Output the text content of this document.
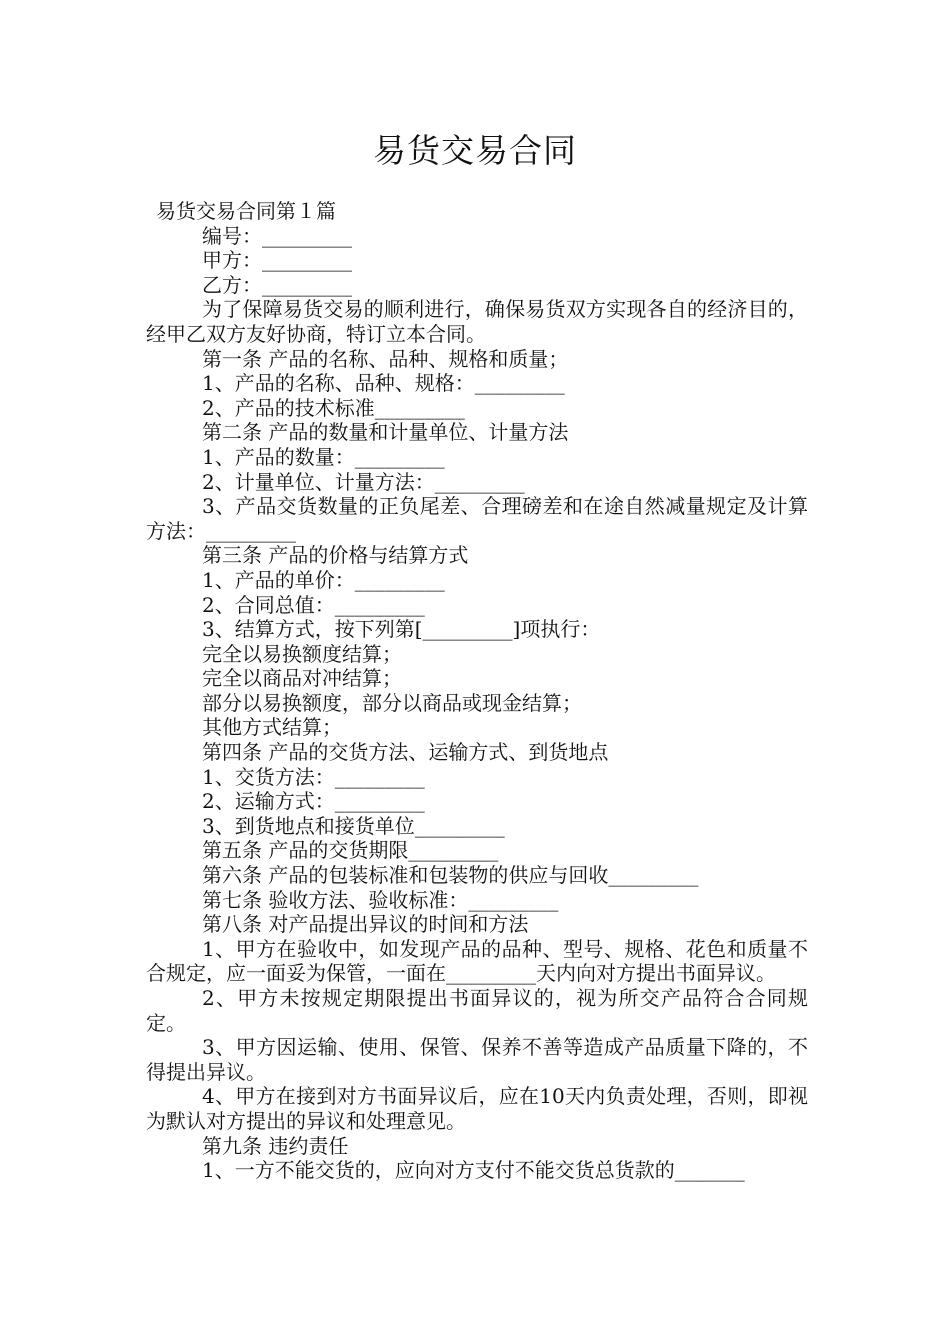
易货交易合同
易货交易合同第１篇
编号：_________
甲方：_________
乙方：_________
为了保障易货交易的顺利进行，确保易货双方实现各自的经济目的，经甲乙双方友好协商，特订立本合同。
第一条 产品的名称、品种、规格和质量；
1、产品的名称、品种、规格：_________
2、产品的技术标准_________
第二条 产品的数量和计量单位、计量方法
1、产品的数量：_________
2、计量单位、计量方法：_________
3、产品交货数量的正负尾差、合理磅差和在途自然减量规定及计算方法：_________
第三条 产品的价格与结算方式
1、产品的单价：_________
2、合同总值：_________
3、结算方式，按下列第[_________]项执行：
完全以易换额度结算；
完全以商品对冲结算；
部分以易换额度，部分以商品或现金结算；
其他方式结算；
第四条 产品的交货方法、运输方式、到货地点
1、交货方法：_________
2、运输方式：_________
3、到货地点和接货单位_________
第五条 产品的交货期限_________
第六条 产品的包装标准和包装物的供应与回收_________
第七条 验收方法、验收标准：_________
第八条 对产品提出异议的时间和方法
1、甲方在验收中，如发现产品的品种、型号、规格、花色和质量不合规定，应一面妥为保管，一面在_________天内向对方提出书面异议。
2、甲方未按规定期限提出书面异议的，视为所交产品符合合同规定。
3、甲方因运输、使用、保管、保养不善等造成产品质量下降的，不得提出异议。
4、甲方在接到对方书面异议后，应在10天内负责处理，否则，即视为默认对方提出的异议和处理意见。
第九条 违约责任
1、一方不能交货的，应向对方支付不能交货总货款的_______
